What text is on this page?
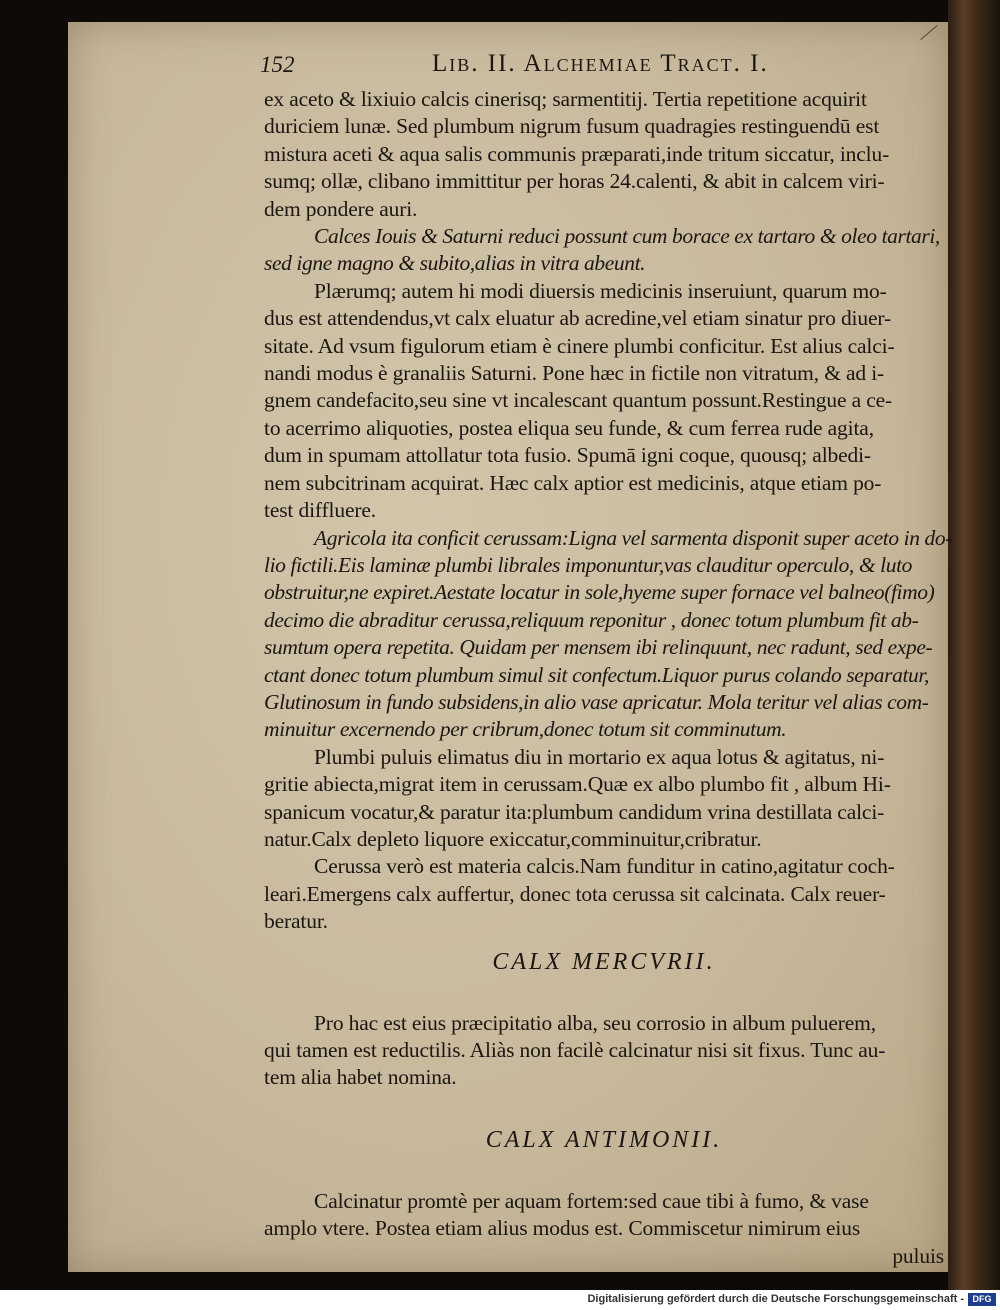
152	Lib. II. Alchemiae Tract. I.
ex aceto & lixiuio calcis cinerisq; sarmentitij. Tertia repetitione acquirit
duriciem lunæ. Sed plumbum nigrum fusum quadragies restinguendū est
mistura aceti & aqua salis communis præparati,inde tritum siccatur, inclu-
sumq; ollæ, clibano immittitur per horas 24.calenti, & abit in calcem viri-
dem pondere auri.
Calces Iouis & Saturni reduci possunt cum borace ex tartaro & oleo tartari,
sed igne magno & subito,alias in vitra abeunt.
Plærumq; autem hi modi diuersis medicinis inseruiunt, quarum mo-
dus est attendendus,vt calx eluatur ab acredine,vel etiam sinatur pro diuer-
sitate. Ad vsum figulorum etiam è cinere plumbi conficitur. Est alius calci-
nandi modus è granaliis Saturni. Pone hæc in fictile non vitratum, & ad i-
gnem candefacito,seu sine vt incalescant quantum possunt.Restingue a ce-
to acerrimo aliquoties, postea eliqua seu funde, & cum ferrea rude agita,
dum in spumam attollatur tota fusio. Spumā igni coque, quousq; albedi-
nem subcitrinam acquirat. Hæc calx aptior est medicinis, atque etiam po-
test diffluere.
Agricola ita conficit cerussam:Ligna vel sarmenta disponit super aceto in do-
lio fictili.Eis laminæ plumbi librales imponuntur,vas clauditur operculo, & luto
obstruitur,ne expiret.Aestate locatur in sole,hyeme super fornace vel balneo(fimo)
decimo die abraditur cerussa,reliquum reponitur , donec totum plumbum fit ab-
sumtum opera repetita. Quidam per mensem ibi relinquunt, nec radunt, sed expe-
ctant donec totum plumbum simul sit confectum.Liquor purus colando separatur,
Glutinosum in fundo subsidens,in alio vase apricatur. Mola teritur vel alias com-
minuitur excernendo per cribrum,donec totum sit comminutum.
Plumbi puluis elimatus diu in mortario ex aqua lotus & agitatus, ni-
gritie abiecta,migrat item in cerussam.Quæ ex albo plumbo fit , album Hi-
spanicum vocatur,& paratur ita:plumbum candidum vrina destillata calci-
natur.Calx depleto liquore exiccatur,comminuitur,cribratur.
Cerussa verò est materia calcis.Nam funditur in catino,agitatur coch-
leari.Emergens calx auffertur, donec tota cerussa sit calcinata. Calx reuer-
beratur.
CALX MERCVRII.
Pro hac est eius præcipitatio alba, seu corrosio in album puluerem,
qui tamen est reductilis. Aliàs non facilè calcinatur nisi sit fixus. Tunc au-
tem alia habet nomina.
CALX ANTIMONII.
Calcinatur promtè per aquam fortem:sed caue tibi à fumo, & vase
amplo vtere. Postea etiam alius modus est. Commiscetur nimirum eius
puluis
Digitalisierung gefördert durch die Deutsche Forschungsgemeinschaft - DFG
